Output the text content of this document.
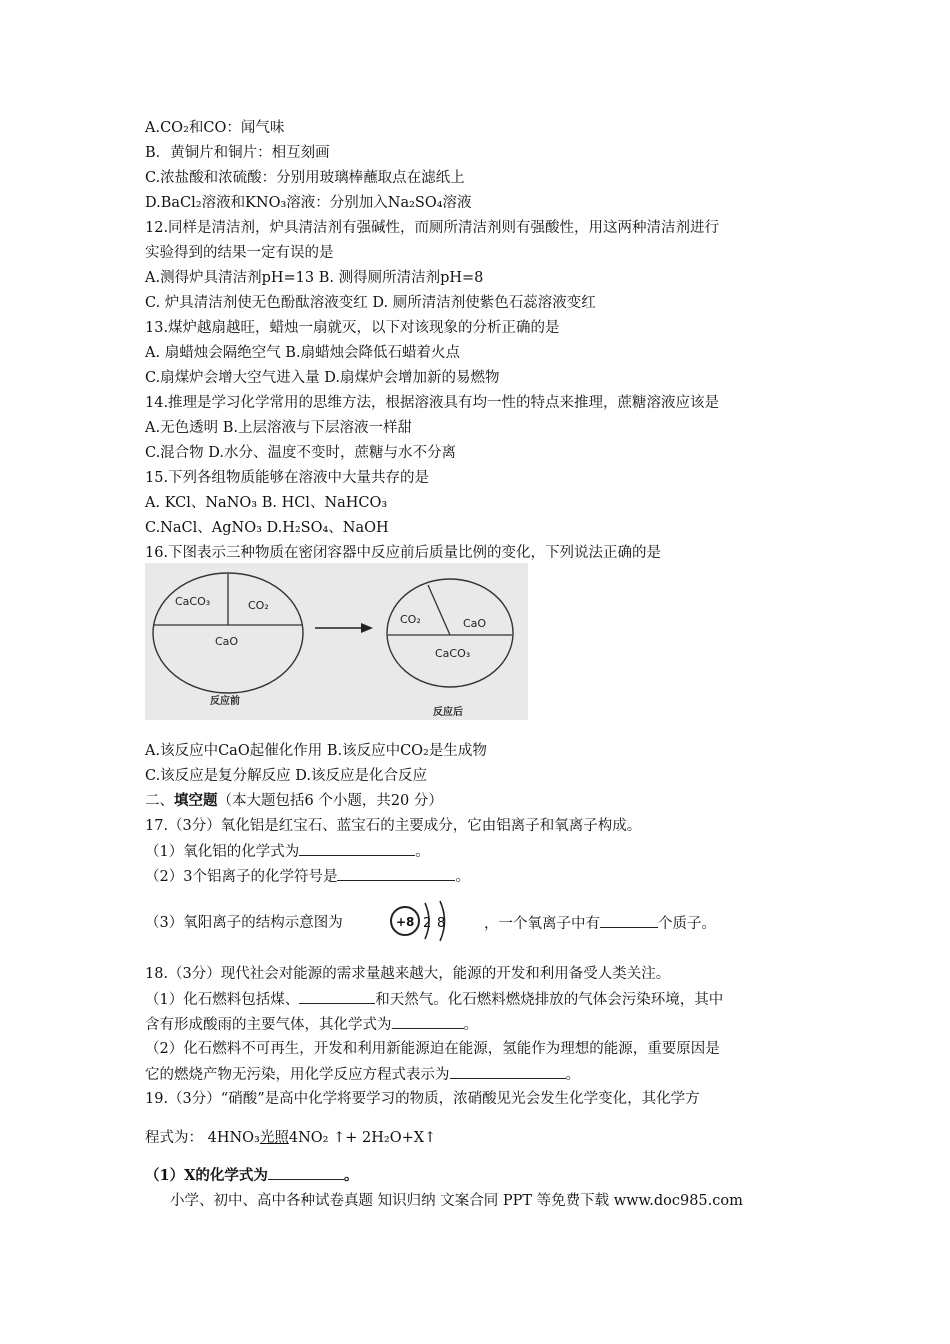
A.CO₂和CO：闻气味
B．黄铜片和铜片：相互刻画
C.浓盐酸和浓硫酸：分别用玻璃棒蘸取点在滤纸上
D.BaCl₂溶液和KNO₃溶液：分别加入Na₂SO₄溶液
12.同样是清洁剂，炉具清洁剂有强碱性，而厕所清洁剂则有强酸性，用这两种清洁剂进行
实验得到的结果一定有误的是
A.测得炉具清洁剂pH=13 B. 测得厕所清洁剂pH=8
C. 炉具清洁剂使无色酚酞溶液变红 D. 厕所清洁剂使紫色石蕊溶液变红
13.煤炉越扇越旺，蜡烛一扇就灭，以下对该现象的分析正确的是
A. 扇蜡烛会隔绝空气 B.扇蜡烛会降低石蜡着火点
C.扇煤炉会增大空气进入量 D.扇煤炉会增加新的易燃物
14.推理是学习化学常用的思维方法，根据溶液具有均一性的特点来推理，蔗糖溶液应该是
A.无色透明 B.上层溶液与下层溶液一样甜
C.混合物 D.水分、温度不变时，蔗糖与水不分离
15.下列各组物质能够在溶液中大量共存的是
A. KCl、NaNO₃ B. HCl、NaHCO₃
C.NaCl、AgNO₃ D.H₂SO₄、NaOH
16.下图表示三种物质在密闭容器中反应前后质量比例的变化，下列说法正确的是
CaCO₃	CO₂
CaO
反应前
CO₂	CaO
CaCO₃
反应后
A.该反应中CaO起催化作用 B.该反应中CO₂是生成物
C.该反应是复分解反应 D.该反应是化合反应
二、填空题（本大题包括6 个小题，共20 分）
17.（3分）氧化铝是红宝石、蓝宝石的主要成分，它由铝离子和氧离子构成。
（1）氧化铝的化学式为	。
（2）3个铝离子的化学符号是	。
（3）氧阳离子的结构示意图为	+8 2 8	，一个氧离子中有	个质子。
18.（3分）现代社会对能源的需求量越来越大，能源的开发和利用备受人类关注。
（1）化石燃料包括煤、	和天然气。化石燃料燃烧排放的气体会污染环境，其中
含有形成酸雨的主要气体，其化学式为	。
（2）化石燃料不可再生，开发和利用新能源迫在能源，氢能作为理想的能源，重要原因是
它的燃烧产物无污染，用化学反应方程式表示为	。
19.（3分）“硝酸”是高中化学将要学习的物质，浓硝酸见光会发生化学变化，其化学方
程式为： 4HNO₃光照4NO₂ ↑+ 2H₂O+X↑
（1）X的化学式为	。
小学、初中、高中各种试卷真题 知识归纳 文案合同 PPT 等免费下载 www.doc985.com
